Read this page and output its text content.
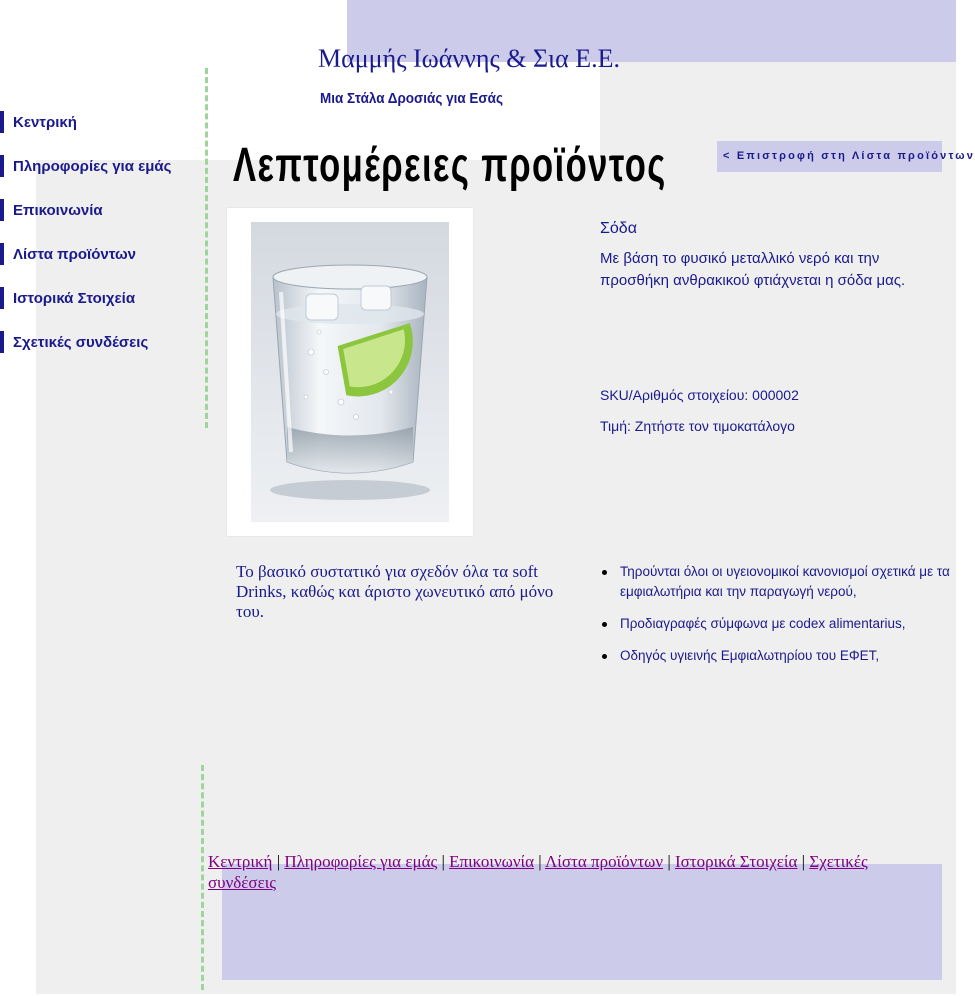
Μαμμής Ιωάννης & Σια Ε.Ε.
Μια Στάλα Δροσιάς για Εσάς
Κεντρική
Πληροφορίες για εμάς
Επικοινωνία
Λίστα προϊόντων
Ιστορικά Στοιχεία
Σχετικές συνδέσεις
Λεπτομέρειες προϊόντος	< Επιστροφή στη Λίστα προϊόντων
Σόδα
Με βάση το φυσικό μεταλλικό νερό και την προσθήκη ανθρακικού φτιάχνεται η σόδα μας.
SKU/Αριθμός στοιχείου: 000002
Τιμή: Ζητήστε τον τιμοκατάλογο
Το βασικό συστατικό για σχεδόν όλα τα soft Drinks, καθώς και άριστο χωνευτικό από μόνο του.
Τηρούνται όλοι οι υγειονομικοί κανονισμοί σχετικά με τα εμφιαλωτήρια και την παραγωγή νερού,
Προδιαγραφές σύμφωνα με codex alimentarius,
Οδηγός υγιεινής Εμφιαλωτηρίου του ΕΦΕΤ,
Κεντρική | Πληροφορίες για εμάς | Επικοινωνία | Λίστα προϊόντων | Ιστορικά Στοιχεία | Σχετικές συνδέσεις
